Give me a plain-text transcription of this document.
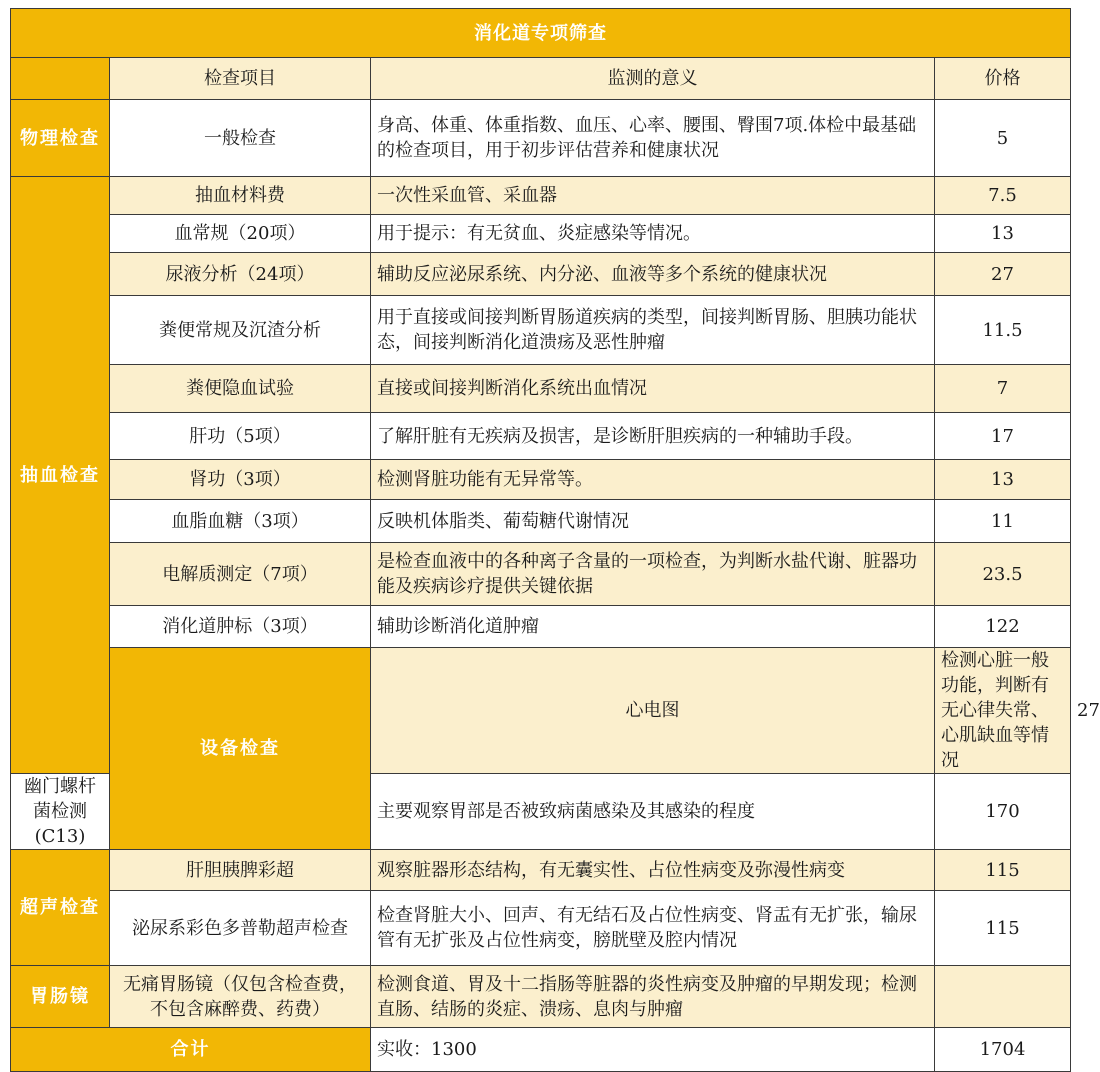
消化道专项筛查				
	检查项目	监测的意义	价格	
物理检查	一般检查	身高、体重、体重指数、血压、心率、腰围、臀围7项.体检中最基础的检查项目，用于初步评估营养和健康状况	5	
抽血检查	抽血材料费	一次性采血管、采血器	7.5	
	血常规（20项）	用于提示：有无贫血、炎症感染等情况。	13	
	尿液分析（24项）	辅助反应泌尿系统、内分泌、血液等多个系统的健康状况	27	
	粪便常规及沉渣分析	用于直接或间接判断胃肠道疾病的类型，间接判断胃肠、胆胰功能状态，间接判断消化道溃疡及恶性肿瘤	11.5	
	粪便隐血试验	直接或间接判断消化系统出血情况	7	
	肝功（5项）	了解肝脏有无疾病及损害，是诊断肝胆疾病的一种辅助手段。	17	
	肾功（3项）	检测肾脏功能有无异常等。	13	
	血脂血糖（3项）	反映机体脂类、葡萄糖代谢情况	11	
	电解质测定（7项）	是检查血液中的各种离子含量的一项检查，为判断水盐代谢、脏器功能及疾病诊疗提供关键依据	23.5	
	消化道肿标（3项）	辅助诊断消化道肿瘤	122	
	设备检查	心电图	检测心脏一般功能，判断有无心律失常、心肌缺血等情况	27
幽门螺杆菌检测(C13)		主要观察胃部是否被致病菌感染及其感染的程度	170	
超声检查	肝胆胰脾彩超	观察脏器形态结构，有无囊实性、占位性病变及弥漫性病变	115	
	泌尿系彩色多普勒超声检查	检查肾脏大小、回声、有无结石及占位性病变、肾盂有无扩张，输尿管有无扩张及占位性病变，膀胱壁及腔内情况	115	
胃肠镜	无痛胃肠镜（仅包含检查费，不包含麻醉费、药费）	检测食道、胃及十二指肠等脏器的炎性病变及肿瘤的早期发现；检测直肠、结肠的炎症、溃疡、息肉与肿瘤		
合计		实收：1300	1704	
